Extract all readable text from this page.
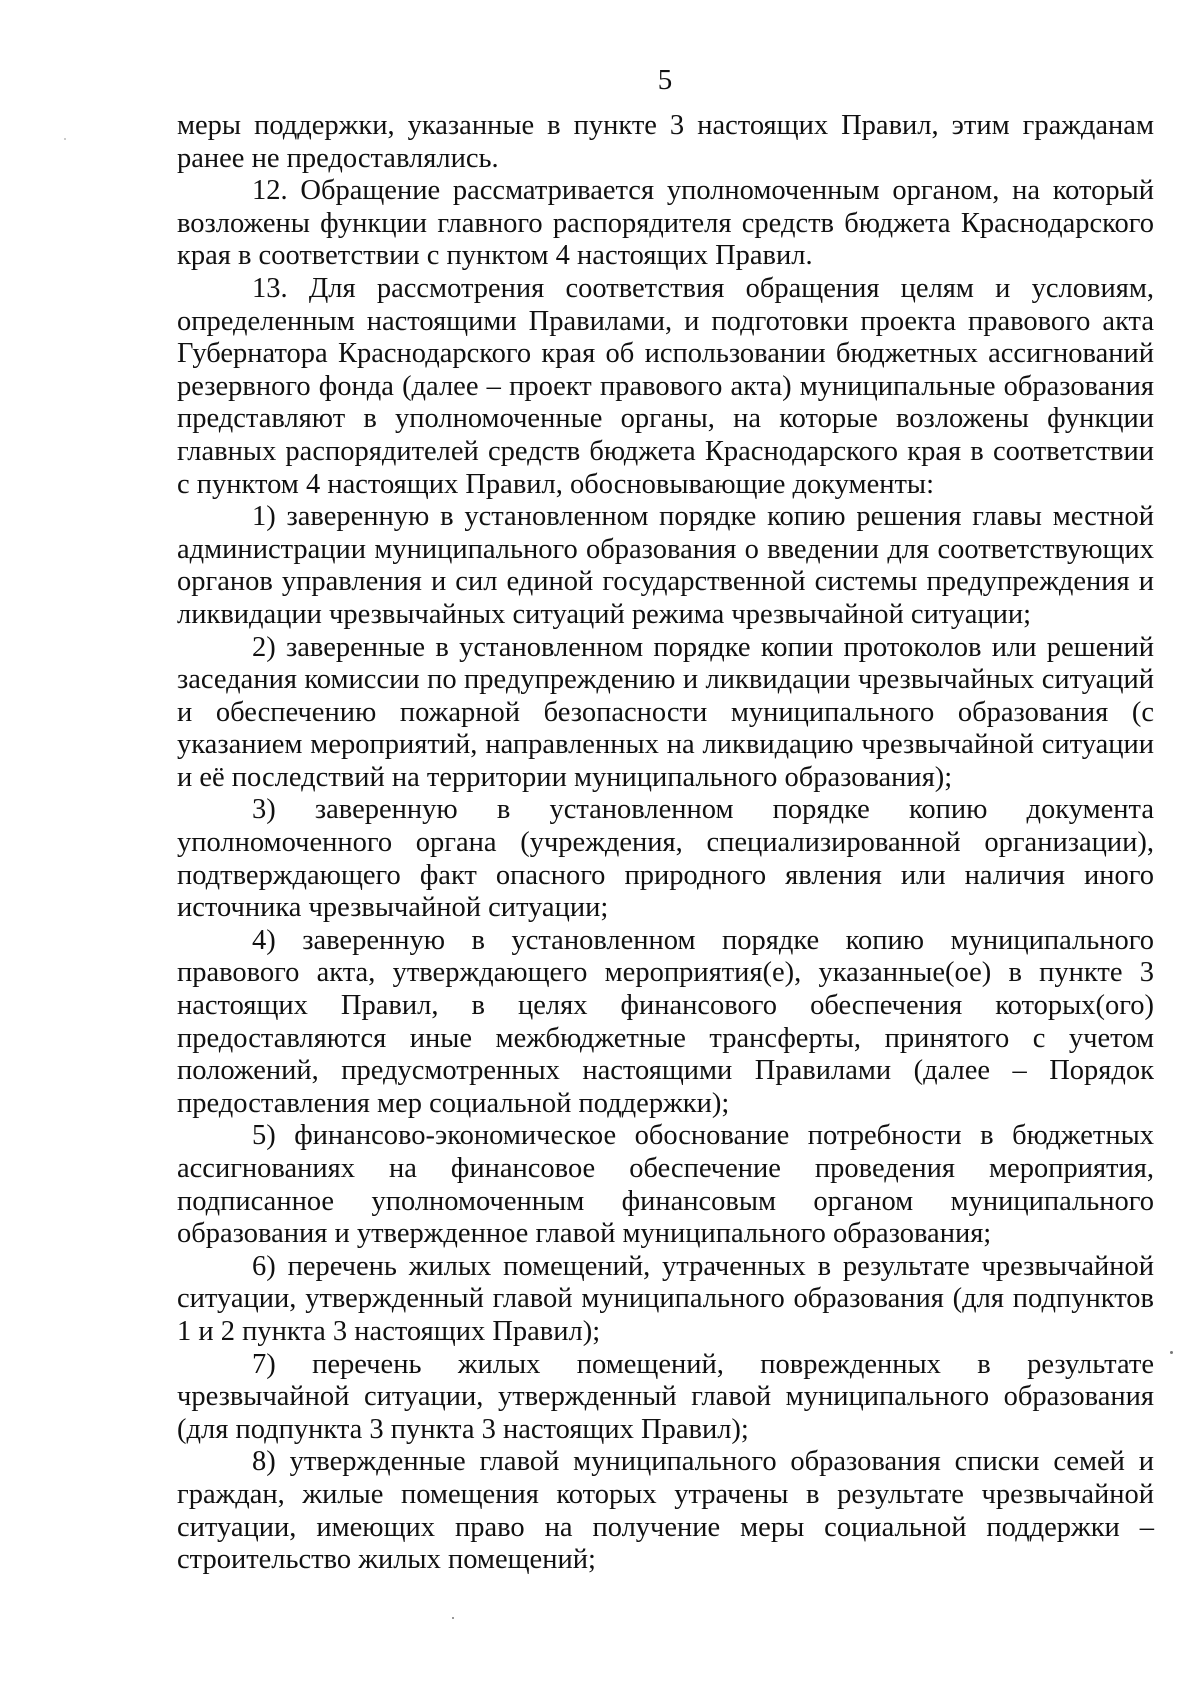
5

меры поддержки, указанные в пункте 3 настоящих Правил, этим гражданам ранее не предоставлялись.

12. Обращение рассматривается уполномоченным органом, на который возложены функции главного распорядителя средств бюджета Краснодарского края в соответствии с пунктом 4 настоящих Правил.

13. Для рассмотрения соответствия обращения целям и условиям, определенным настоящими Правилами, и подготовки проекта правового акта Губернатора Краснодарского края об использовании бюджетных ассигнований резервного фонда (далее – проект правового акта) муниципальные образования представляют в уполномоченные органы, на которые возложены функции главных распорядителей средств бюджета Краснодарского края в соответствии с пунктом 4 настоящих Правил, обосновывающие документы:

1) заверенную в установленном порядке копию решения главы местной администрации муниципального образования о введении для соответствующих органов управления и сил единой государственной системы предупреждения и ликвидации чрезвычайных ситуаций режима чрезвычайной ситуации;

2) заверенные в установленном порядке копии протоколов или решений заседания комиссии по предупреждению и ликвидации чрезвычайных ситуаций и обеспечению пожарной безопасности муниципального образования (с указанием мероприятий, направленных на ликвидацию чрезвычайной ситуации и её последствий на территории муниципального образования);

3) заверенную в установленном порядке копию документа уполномоченного органа (учреждения, специализированной организации), подтверждающего факт опасного природного явления или наличия иного источника чрезвычайной ситуации;

4) заверенную в установленном порядке копию муниципального правового акта, утверждающего мероприятия(е), указанные(ое) в пункте 3 настоящих Правил, в целях финансового обеспечения которых(ого) предоставляются иные межбюджетные трансферты, принятого с учетом положений, предусмотренных настоящими Правилами (далее – Порядок предоставления мер социальной поддержки);

5) финансово-экономическое обоснование потребности в бюджетных ассигнованиях на финансовое обеспечение проведения мероприятия, подписанное уполномоченным финансовым органом муниципального образования и утвержденное главой муниципального образования;

6) перечень жилых помещений, утраченных в результате чрезвычайной ситуации, утвержденный главой муниципального образования (для подпунктов 1 и 2 пункта 3 настоящих Правил);

7) перечень жилых помещений, поврежденных в результате чрезвычайной ситуации, утвержденный главой муниципального образования (для подпункта 3 пункта 3 настоящих Правил);

8) утвержденные главой муниципального образования списки семей и граждан, жилые помещения которых утрачены в результате чрезвычайной ситуации, имеющих право на получение меры социальной поддержки – строительство жилых помещений;
